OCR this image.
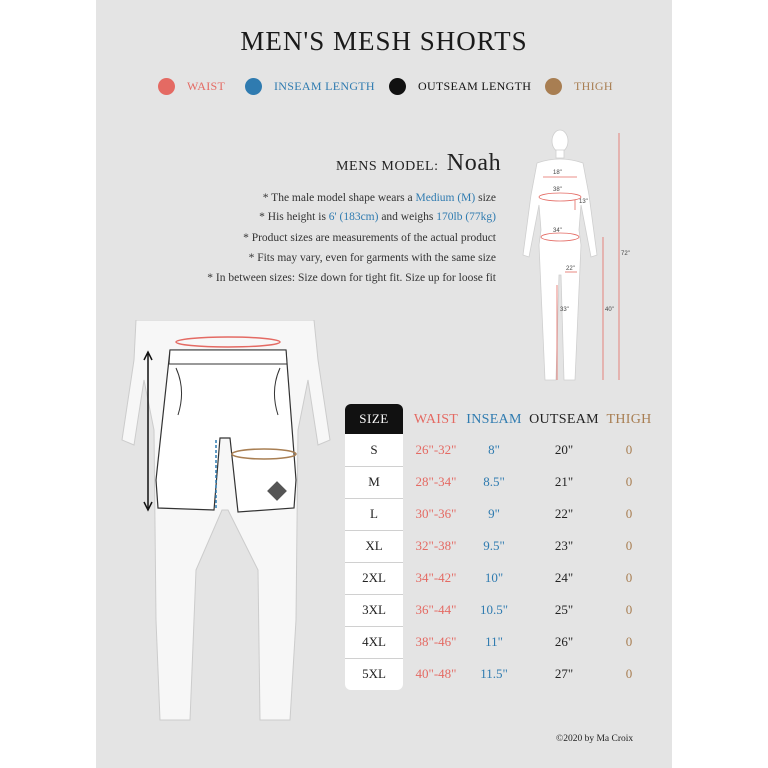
MEN'S MESH SHORTS
WAIST	INSEAM LENGTH	OUTSEAM LENGTH	THIGH
MENS MODEL: Noah
* The male model shape wears a Medium (M) size
* His height is 6' (183cm) and weighs 170lb (77kg)
* Product sizes are measurements of the actual product
* Fits may vary, even for garments with the same size
* In between sizes: Size down for tight fit. Size up for loose fit
18"
38"
13"
34"
22"
33"	40"
72"
SIZE	WAIST INSEAM OUTSEAM THIGH
S	26"-32"	8"	20"	0
M	28"-34"	8.5"	21"	0
L	30"-36"	9"	22"	0
XL	32"-38"	9.5"	23"	0
2XL	34"-42"	10"	24"	0
3XL	36"-44"	10.5"	25"	0
4XL	38"-46"	11"	26"	0
5XL	40"-48"	11.5"	27"	0
©2020 by Ma Croix
